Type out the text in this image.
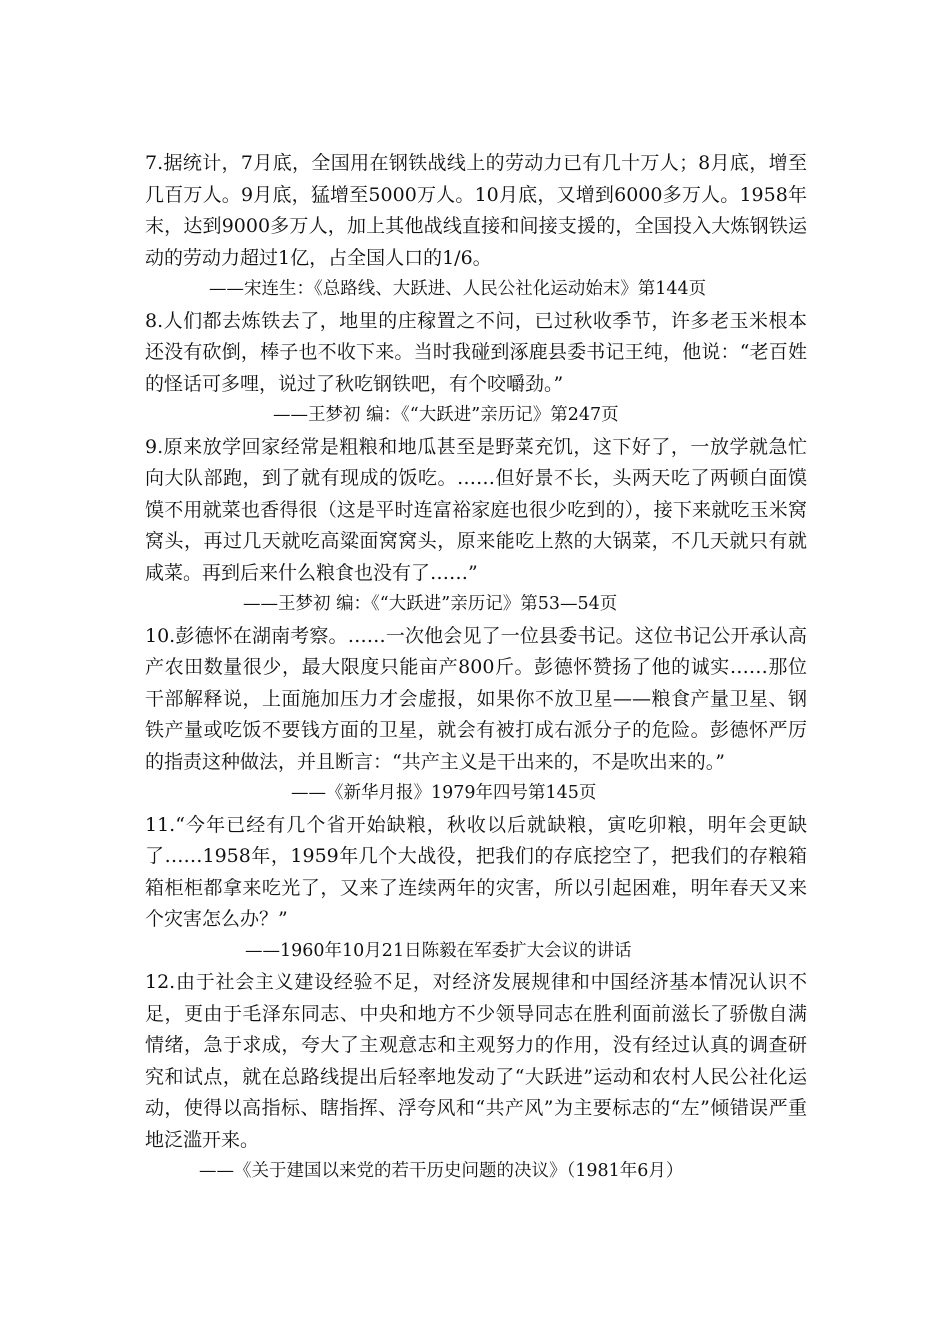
7.据统计，7月底，全国用在钢铁战线上的劳动力已有几十万人；8月底，增至几百万人。9月底，猛增至5000万人。10月底，又增到6000多万人。1958年末，达到9000多万人，加上其他战线直接和间接支援的，全国投入大炼钢铁运动的劳动力超过1亿，占全国人口的1/6。

——宋连生：《总路线、大跃进、人民公社化运动始末》第144页

8.人们都去炼铁去了，地里的庄稼置之不问，已过秋收季节，许多老玉米根本还没有砍倒，棒子也不收下来。当时我碰到涿鹿县委书记王纯，他说：“老百姓的怪话可多哩，说过了秋吃钢铁吧，有个咬嚼劲。”

——王梦初 编：《“大跃进”亲历记》第247页

9.原来放学回家经常是粗粮和地瓜甚至是野菜充饥，这下好了，一放学就急忙向大队部跑，到了就有现成的饭吃。……但好景不长，头两天吃了两顿白面馍馍不用就菜也香得很（这是平时连富裕家庭也很少吃到的），接下来就吃玉米窝窝头，再过几天就吃高粱面窝窝头，原来能吃上熬的大锅菜，不几天就只有就咸菜。再到后来什么粮食也没有了……”

——王梦初 编：《“大跃进”亲历记》第53—54页

10.彭德怀在湖南考察。……一次他会见了一位县委书记。这位书记公开承认高产农田数量很少，最大限度只能亩产800斤。彭德怀赞扬了他的诚实……那位干部解释说，上面施加压力才会虚报，如果你不放卫星——粮食产量卫星、钢铁产量或吃饭不要钱方面的卫星，就会有被打成右派分子的危险。彭德怀严厉的指责这种做法，并且断言：“共产主义是干出来的，不是吹出来的。”

——《新华月报》1979年四号第145页

11.“今年已经有几个省开始缺粮，秋收以后就缺粮，寅吃卯粮，明年会更缺了……1958年，1959年几个大战役，把我们的存底挖空了，把我们的存粮箱箱柜柜都拿来吃光了，又来了连续两年的灾害，所以引起困难，明年春天又来个灾害怎么办？”

——1960年10月21日陈毅在军委扩大会议的讲话

12.由于社会主义建设经验不足，对经济发展规律和中国经济基本情况认识不足，更由于毛泽东同志、中央和地方不少领导同志在胜利面前滋长了骄傲自满情绪，急于求成，夸大了主观意志和主观努力的作用，没有经过认真的调查研究和试点，就在总路线提出后轻率地发动了“大跃进”运动和农村人民公社化运动，使得以高指标、瞎指挥、浮夸风和“共产风”为主要标志的“左”倾错误严重地泛滥开来。

——《关于建国以来党的若干历史问题的决议》（1981年6月）
